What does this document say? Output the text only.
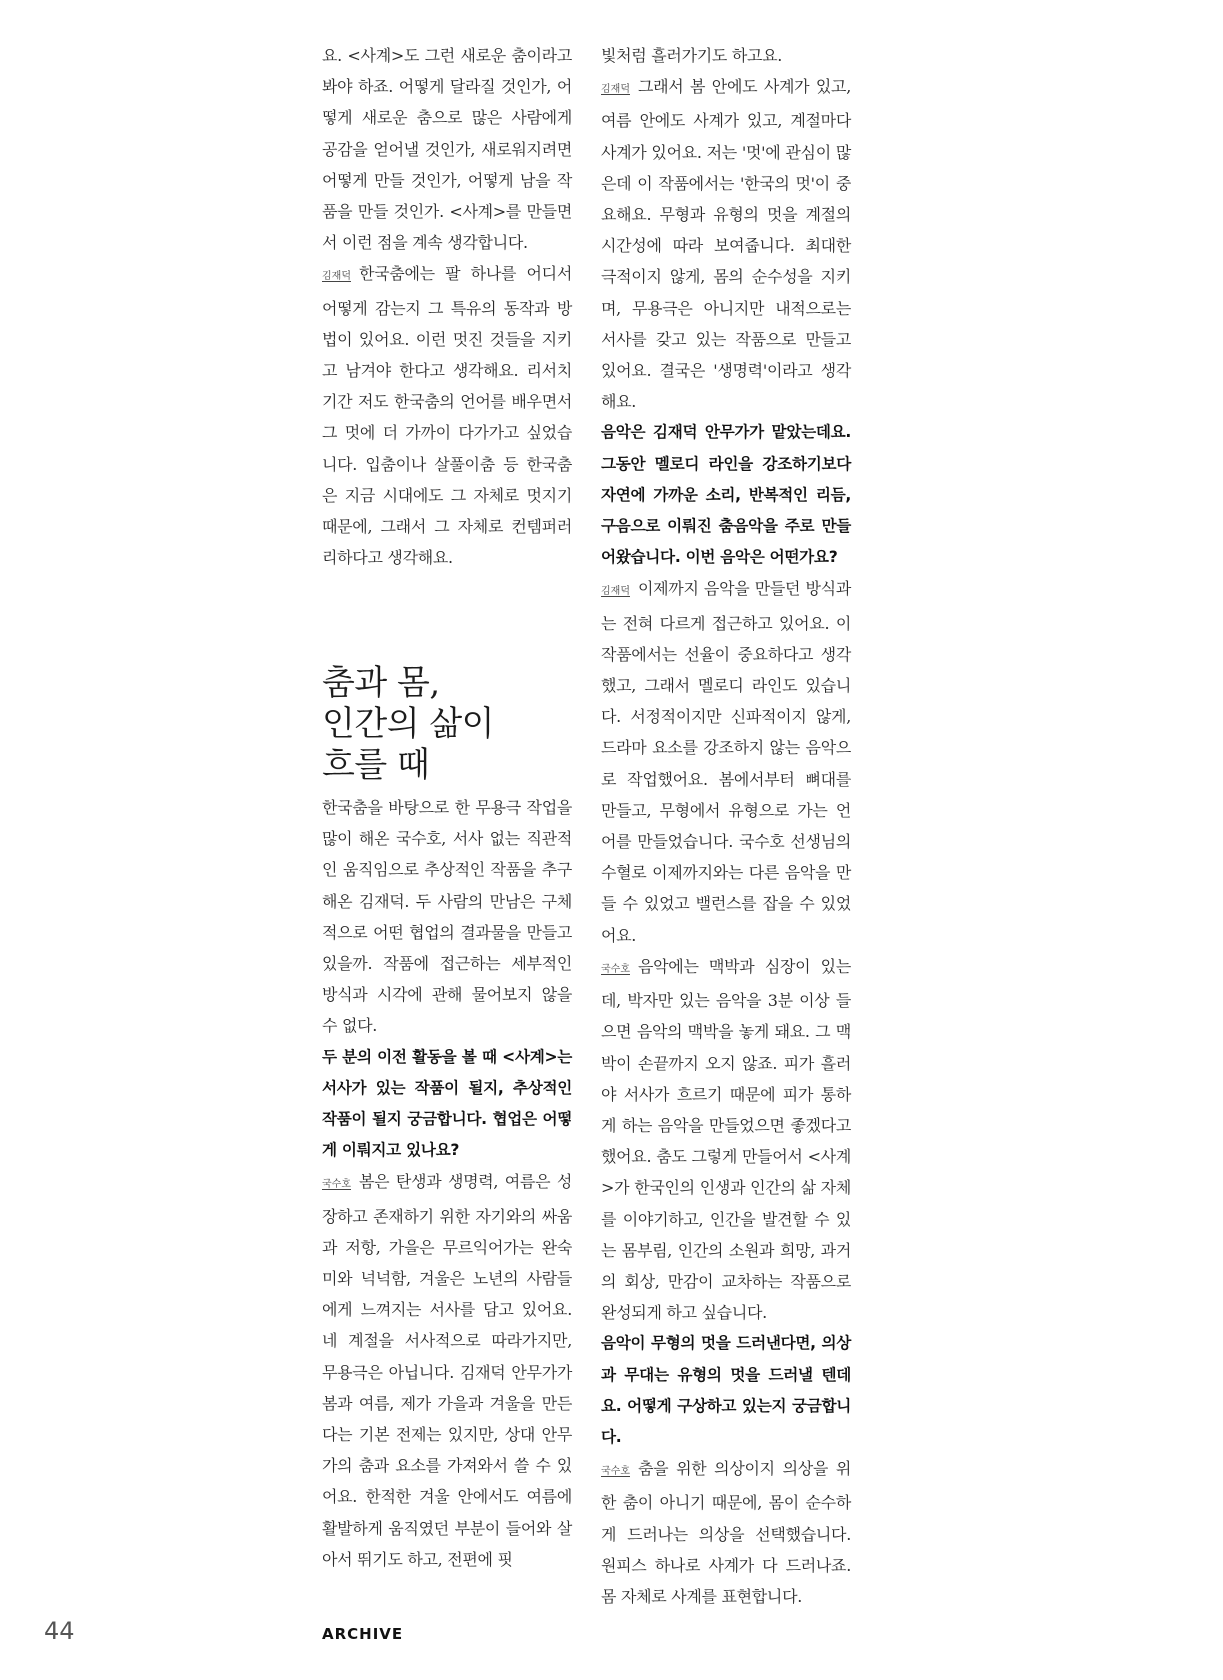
요. <사계>도 그런 새로운 춤이라고 봐야 하죠. 어떻게 달라질 것인가, 어떻게 새로운 춤으로 많은 사람에게 공감을 얻어낼 것인가, 새로워지려면 어떻게 만들 것인가, 어떻게 남을 작품을 만들 것인가. <사계>를 만들면서 이런 점을 계속 생각합니다.

김재덕 한국춤에는 팔 하나를 어디서 어떻게 감는지 그 특유의 동작과 방법이 있어요. 이런 멋진 것들을 지키고 남겨야 한다고 생각해요. 리서치 기간 저도 한국춤의 언어를 배우면서 그 멋에 더 가까이 다가가고 싶었습니다. 입춤이나 살풀이춤 등 한국춤은 지금 시대에도 그 자체로 멋지기 때문에, 그래서 그 자체로 컨템퍼러리하다고 생각해요.

춤과 몸,
인간의 삶이
흐를 때

한국춤을 바탕으로 한 무용극 작업을 많이 해온 국수호, 서사 없는 직관적인 움직임으로 추상적인 작품을 추구해온 김재덕. 두 사람의 만남은 구체적으로 어떤 협업의 결과물을 만들고 있을까. 작품에 접근하는 세부적인 방식과 시각에 관해 물어보지 않을 수 없다.

두 분의 이전 활동을 볼 때 <사계>는 서사가 있는 작품이 될지, 추상적인 작품이 될지 궁금합니다. 협업은 어떻게 이뤄지고 있나요?

국수호 봄은 탄생과 생명력, 여름은 성장하고 존재하기 위한 자기와의 싸움과 저항, 가을은 무르익어가는 완숙미와 넉넉함, 겨울은 노년의 사람들에게 느껴지는 서사를 담고 있어요. 네 계절을 서사적으로 따라가지만, 무용극은 아닙니다. 김재덕 안무가가 봄과 여름, 제가 가을과 겨울을 만든다는 기본 전제는 있지만, 상대 안무가의 춤과 요소를 가져와서 쓸 수 있어요. 한적한 겨울 안에서도 여름에 활발하게 움직였던 부분이 들어와 살아서 뛰기도 하고, 전편에 핏

빛처럼 흘러가기도 하고요.

김재덕 그래서 봄 안에도 사계가 있고, 여름 안에도 사계가 있고, 계절마다 사계가 있어요. 저는 '멋'에 관심이 많은데 이 작품에서는 '한국의 멋'이 중요해요. 무형과 유형의 멋을 계절의 시간성에 따라 보여줍니다. 최대한 극적이지 않게, 몸의 순수성을 지키며, 무용극은 아니지만 내적으로는 서사를 갖고 있는 작품으로 만들고 있어요. 결국은 '생명력'이라고 생각해요.

음악은 김재덕 안무가가 맡았는데요. 그동안 멜로디 라인을 강조하기보다 자연에 가까운 소리, 반복적인 리듬, 구음으로 이뤄진 춤음악을 주로 만들어왔습니다. 이번 음악은 어떤가요?

김재덕 이제까지 음악을 만들던 방식과는 전혀 다르게 접근하고 있어요. 이 작품에서는 선율이 중요하다고 생각했고, 그래서 멜로디 라인도 있습니다. 서정적이지만 신파적이지 않게, 드라마 요소를 강조하지 않는 음악으로 작업했어요. 봄에서부터 뼈대를 만들고, 무형에서 유형으로 가는 언어를 만들었습니다. 국수호 선생님의 수혈로 이제까지와는 다른 음악을 만들 수 있었고 밸런스를 잡을 수 있었어요.

국수호 음악에는 맥박과 심장이 있는데, 박자만 있는 음악을 3분 이상 들으면 음악의 맥박을 놓게 돼요. 그 맥박이 손끝까지 오지 않죠. 피가 흘러야 서사가 흐르기 때문에 피가 통하게 하는 음악을 만들었으면 좋겠다고 했어요. 춤도 그렇게 만들어서 <사계>가 한국인의 인생과 인간의 삶 자체를 이야기하고, 인간을 발견할 수 있는 몸부림, 인간의 소원과 희망, 과거의 회상, 만감이 교차하는 작품으로 완성되게 하고 싶습니다.

음악이 무형의 멋을 드러낸다면, 의상과 무대는 유형의 멋을 드러낼 텐데요. 어떻게 구상하고 있는지 궁금합니다.

국수호 춤을 위한 의상이지 의상을 위한 춤이 아니기 때문에, 몸이 순수하게 드러나는 의상을 선택했습니다. 원피스 하나로 사계가 다 드러나죠. 몸 자체로 사계를 표현합니다.

44	ARCHIVE
